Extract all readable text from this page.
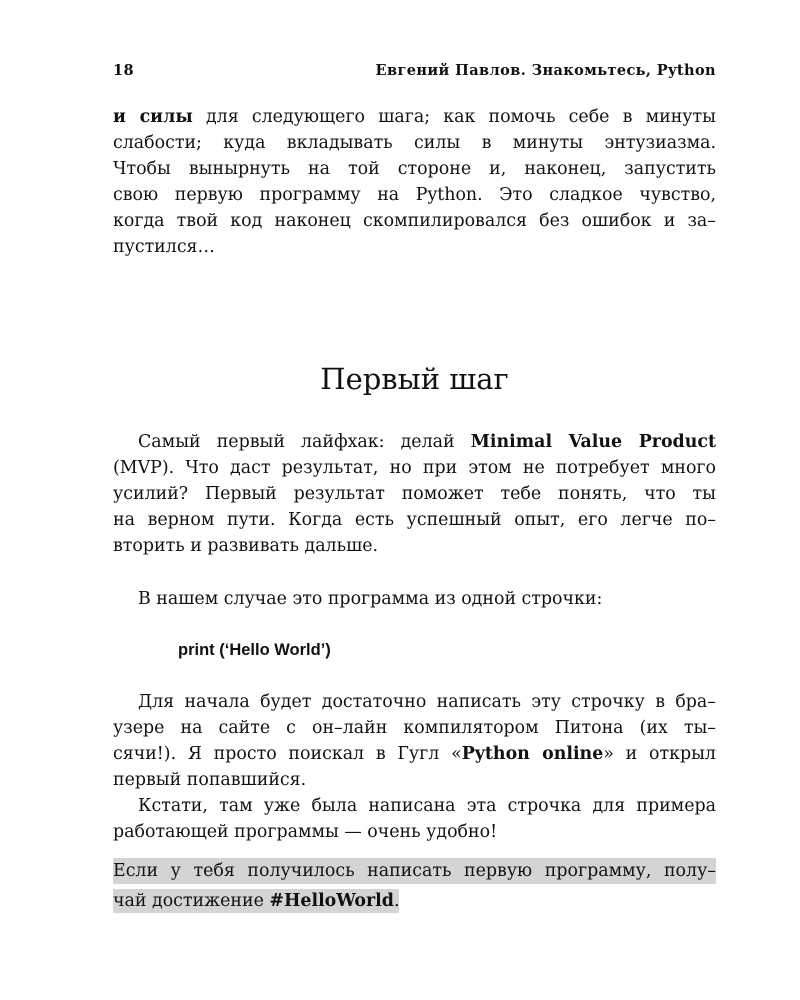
18	Евгений Павлов. Знакомьтесь, Python
и силы для следующего шага; как помочь себе в минуты
слабости; куда вкладывать силы в минуты энтузиазма.
Чтобы вынырнуть на той стороне и, наконец, запустить
свою первую программу на Python. Это сладкое чувство,
когда твой код наконец скомпилировался без ошибок и за–
пустился…
Первый шаг
Самый первый лайфхак: делай Minimal Value Product
(MVP). Что даст результат, но при этом не потребует много
усилий? Первый результат поможет тебе понять, что ты
на верном пути. Когда есть успешный опыт, его легче по–
вторить и развивать дальше.
В нашем случае это программа из одной строчки:
print (‘Hello World’)
Для начала будет достаточно написать эту строчку в бра–
узере на сайте с он–лайн компилятором Питона (их ты–
сячи!). Я просто поискал в Гугл «Python online» и открыл
первый попавшийся.
Кстати, там уже была написана эта строчка для примера
работающей программы — очень удобно!
Если у тебя получилось написать первую программу, полу–
чай достижение #HelloWorld.
